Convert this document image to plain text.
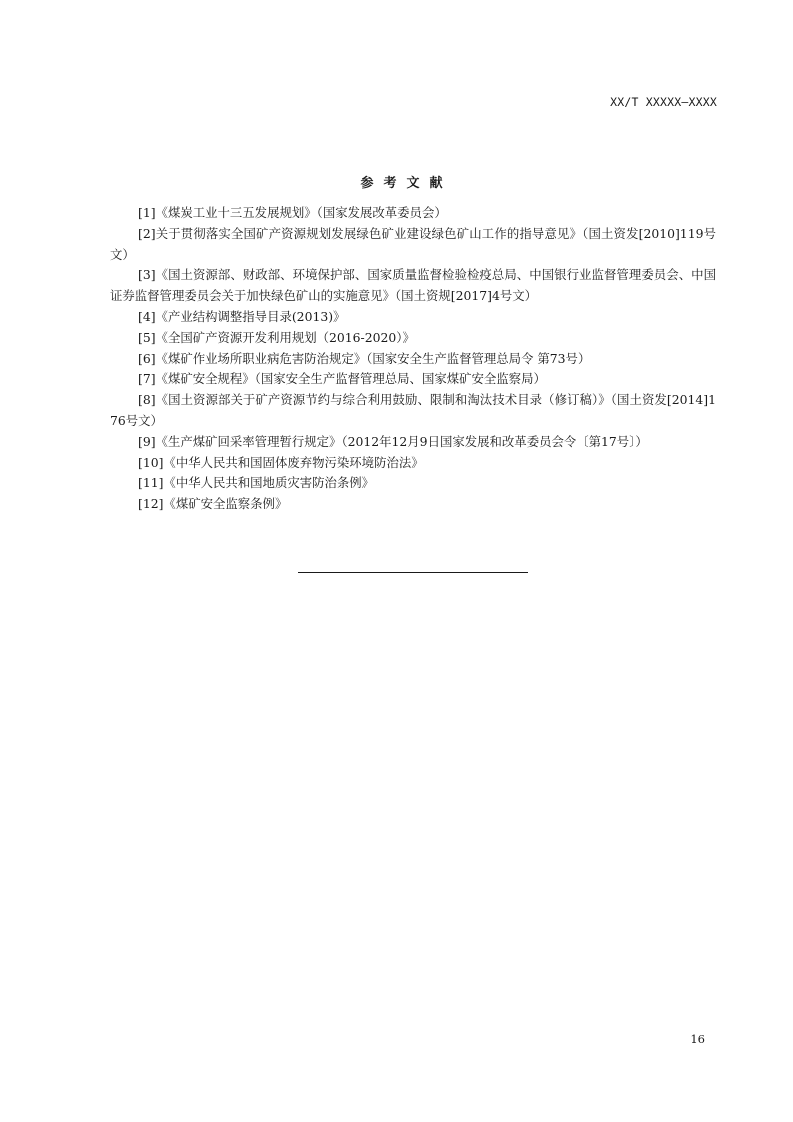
XX/T XXXXX—XXXX
参考文献
[1]《煤炭工业十三五发展规划》（国家发展改革委员会）
[2]关于贯彻落实全国矿产资源规划发展绿色矿业建设绿色矿山工作的指导意见》（国土资发[2010]119号文）
[3]《国土资源部、财政部、环境保护部、国家质量监督检验检疫总局、中国银行业监督管理委员会、中国证券监督管理委员会关于加快绿色矿山的实施意见》（国土资规[2017]4号文）
[4]《产业结构调整指导目录(2013)》
[5]《全国矿产资源开发利用规划（2016-2020）》
[6]《煤矿作业场所职业病危害防治规定》（国家安全生产监督管理总局令 第73号）
[7]《煤矿安全规程》（国家安全生产监督管理总局、国家煤矿安全监察局）
[8]《国土资源部关于矿产资源节约与综合利用鼓励、限制和淘汰技术目录（修订稿）》（国土资发[2014]176号文）
[9]《生产煤矿回采率管理暂行规定》（2012年12月9日国家发展和改革委员会令〔第17号〕）
[10]《中华人民共和国固体废弃物污染环境防治法》
[11]《中华人民共和国地质灾害防治条例》
[12]《煤矿安全监察条例》
16
